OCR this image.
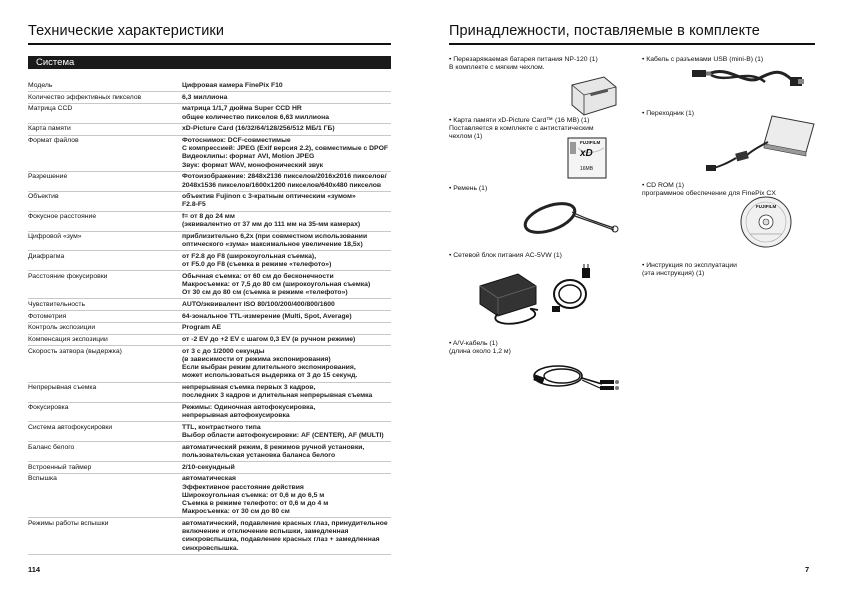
Технические характеристики
Система
Модель	Цифровая камера FinePix F10
Количество эффективных пикселов	6,3 миллиона
Матрица CCD	матрица 1/1,7 дюйма Super CCD HR
общее количество пикселов 6,63 миллиона
Карта памяти	xD-Picture Card (16/32/64/128/256/512 МБ/1 ГБ)
Формат файлов	Фотоснимок: DCF-совместимые
С компрессией: JPEG (Exif версия 2.2), совместимые с DPOF
Видеоклипы: формат AVI, Motion JPEG
Звук: формат WAV, монофонический звук
Разрешение	Фотоизображение: 2848x2136 пикселов/2016x2016 пикселов/
2048x1536 пикселов/1600x1200 пикселов/640x480 пикселов
Объектив	объектив Fujinon с 3-кратным оптическим «зумом»
F2.8-F5
Фокусное расстояние	f= от 8 до 24 мм
(эквивалентно от 37 мм до 111 мм на 35-мм камерах)
Цифровой «зум»	приблизительно 6,2x (при совместном использовании
оптического «зума» максимальное увеличение 18,5x)
Диафрагма	от F2.8 до F8 (широкоугольная съемка),
от F5.0 до F8 (съемка в режиме «телефото»)
Расстояние фокусировки	Обычная съемка: от 60 см до бесконечности
Макросъемка: от 7,5 до 80 см (широкоугольная съемка)
От 30 см до 80 см (съемка в режиме «телефото»)
Чувствительность	AUTO/эквивалент ISO 80/100/200/400/800/1600
Фотометрия	64-зональное TTL-измерение (Multi, Spot, Average)
Контроль экспозиции	Program AE
Компенсация экспозиции	от -2 EV до +2 EV с шагом 0,3 EV (в ручном режиме)
Скорость затвора (выдержка)	от 3 с до 1/2000 секунды
(в зависимости от режима экспонирования)
Если выбран режим длительного экспонирования,
может использоваться выдержка от 3 до 15 секунд.
Непрерывная съемка	непрерывная съемка первых 3 кадров,
последних 3 кадров и длительная непрерывная съемка
Фокусировка	Режимы: Одиночная автофокусировка,
непрерывная автофокусировка
Система автофокусировки	TTL, контрастного типа
Выбор области автофокусировки: AF (CENTER), AF (MULTI)
Баланс белого	автоматический режим, 8 режимов ручной установки,
пользовательская установка баланса белого
Встроенный таймер	2/10-секундный
Вспышка	автоматическая
Эффективное расстояние действия
Широкоугольная съемка: от 0,6 м до 6,5 м
Съемка в режиме телефото: от 0,6 м до 4 м
Макросъемка: от 30 см до 80 см
Режимы работы вспышки	автоматический, подавление красных глаз, принудительное
включение и отключение вспышки, замедленная
синхровспышка, подавление красных глаз + замедленная
синхровспышка.
114
Принадлежности, поставляемые в комплекте
• Перезаряжаемая батарея питания NP-120 (1)
В комплекте с мягким чехлом.
• Кабель с разъемами USB (mini-B) (1)
• Карта памяти xD-Picture Card™ (16 MB) (1)
Поставляется в комплекте с антистатическим
чехлом (1)
FUJIFILM
xD
16MB
• Переходник (1)
• Ремень (1)	• CD ROM (1)
программное обеспечение для FinePix CX
FUJIFILM
• Инструкция по эксплуатации
(эта инструкция) (1)
• Сетевой блок питания AC-5VW (1)
• A/V-кабель (1)
(длина около 1,2 м)
7
